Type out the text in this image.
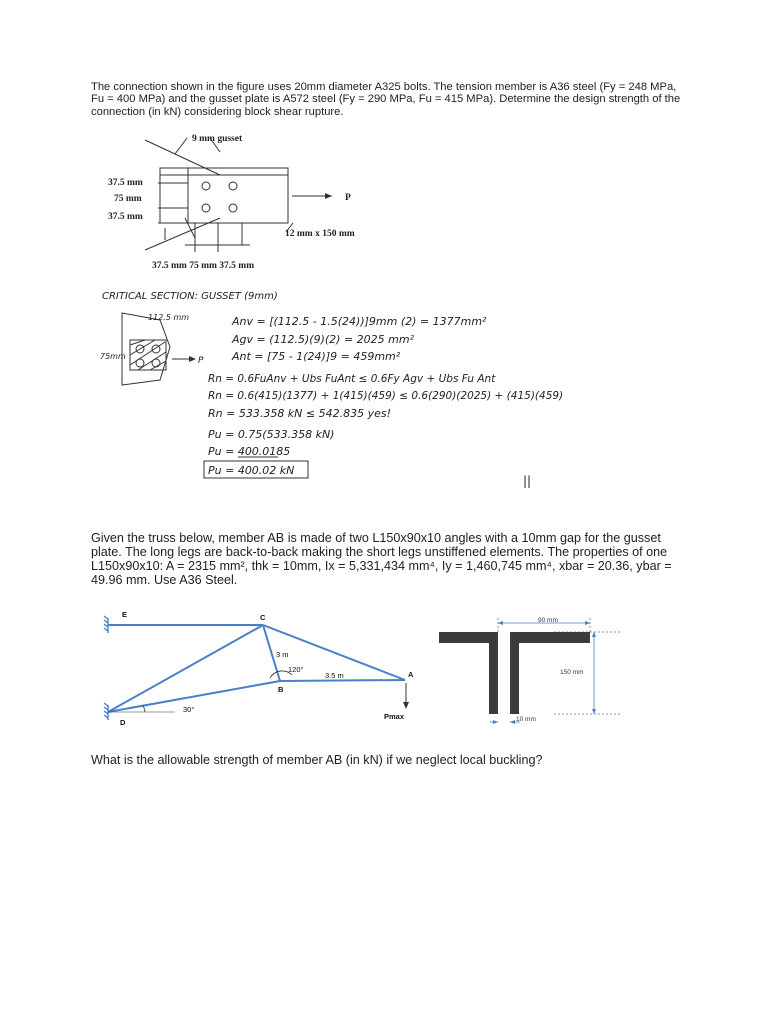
The connection shown in the figure uses 20mm diameter A325 bolts. The tension member is A36 steel (Fy = 248 MPa, Fu = 400 MPa) and the gusset plate is A572 steel (Fy = 290 MPa, Fu = 415 MPa). Determine the design strength of the connection (in kN) considering block shear rupture.

9 mm gusset
37.5 mm
75 mm
37.5 mm
P
12 mm x 150 mm
37.5 mm 75 mm 37.5 mm
CRITICAL SECTION: GUSSET (9mm)
112.5 mm
75mm	P
Anv = [(112.5 - 1.5(24))]9mm (2) = 1377mm²
Agv = (112.5)(9)(2) = 2025 mm²
Ant = [75 - 1(24)]9 = 459mm²
Rn = 0.6FuAnv + Ubs FuAnt ≤ 0.6Fy Agv + Ubs Fu Ant
Rn = 0.6(415)(1377) + 1(415)(459) ≤ 0.6(290)(2025) + (415)(459)
Rn = 533.358 kN ≤ 542.835 yes!
Pu = 0.75(533.358 kN)
Pu = 400.0185
Pu = 400.02 kN
||

Given the truss below, member AB is made of two L150x90x10 angles with a 10mm gap for the gusset plate. The long legs are back-to-back making the short legs unstiffened elements. The properties of one L150x90x10: A = 2315 mm², thk = 10mm, Ix = 5,331,434 mm⁴, Iy = 1,460,745 mm⁴, xbar = 20.36, ybar = 49.96 mm. Use A36 Steel.

E	C
A
B
D
3 m
120°
3.5 m
30°
Pmax
90 mm
150 mm
10 mm

What is the allowable strength of member AB (in kN) if we neglect local buckling?
